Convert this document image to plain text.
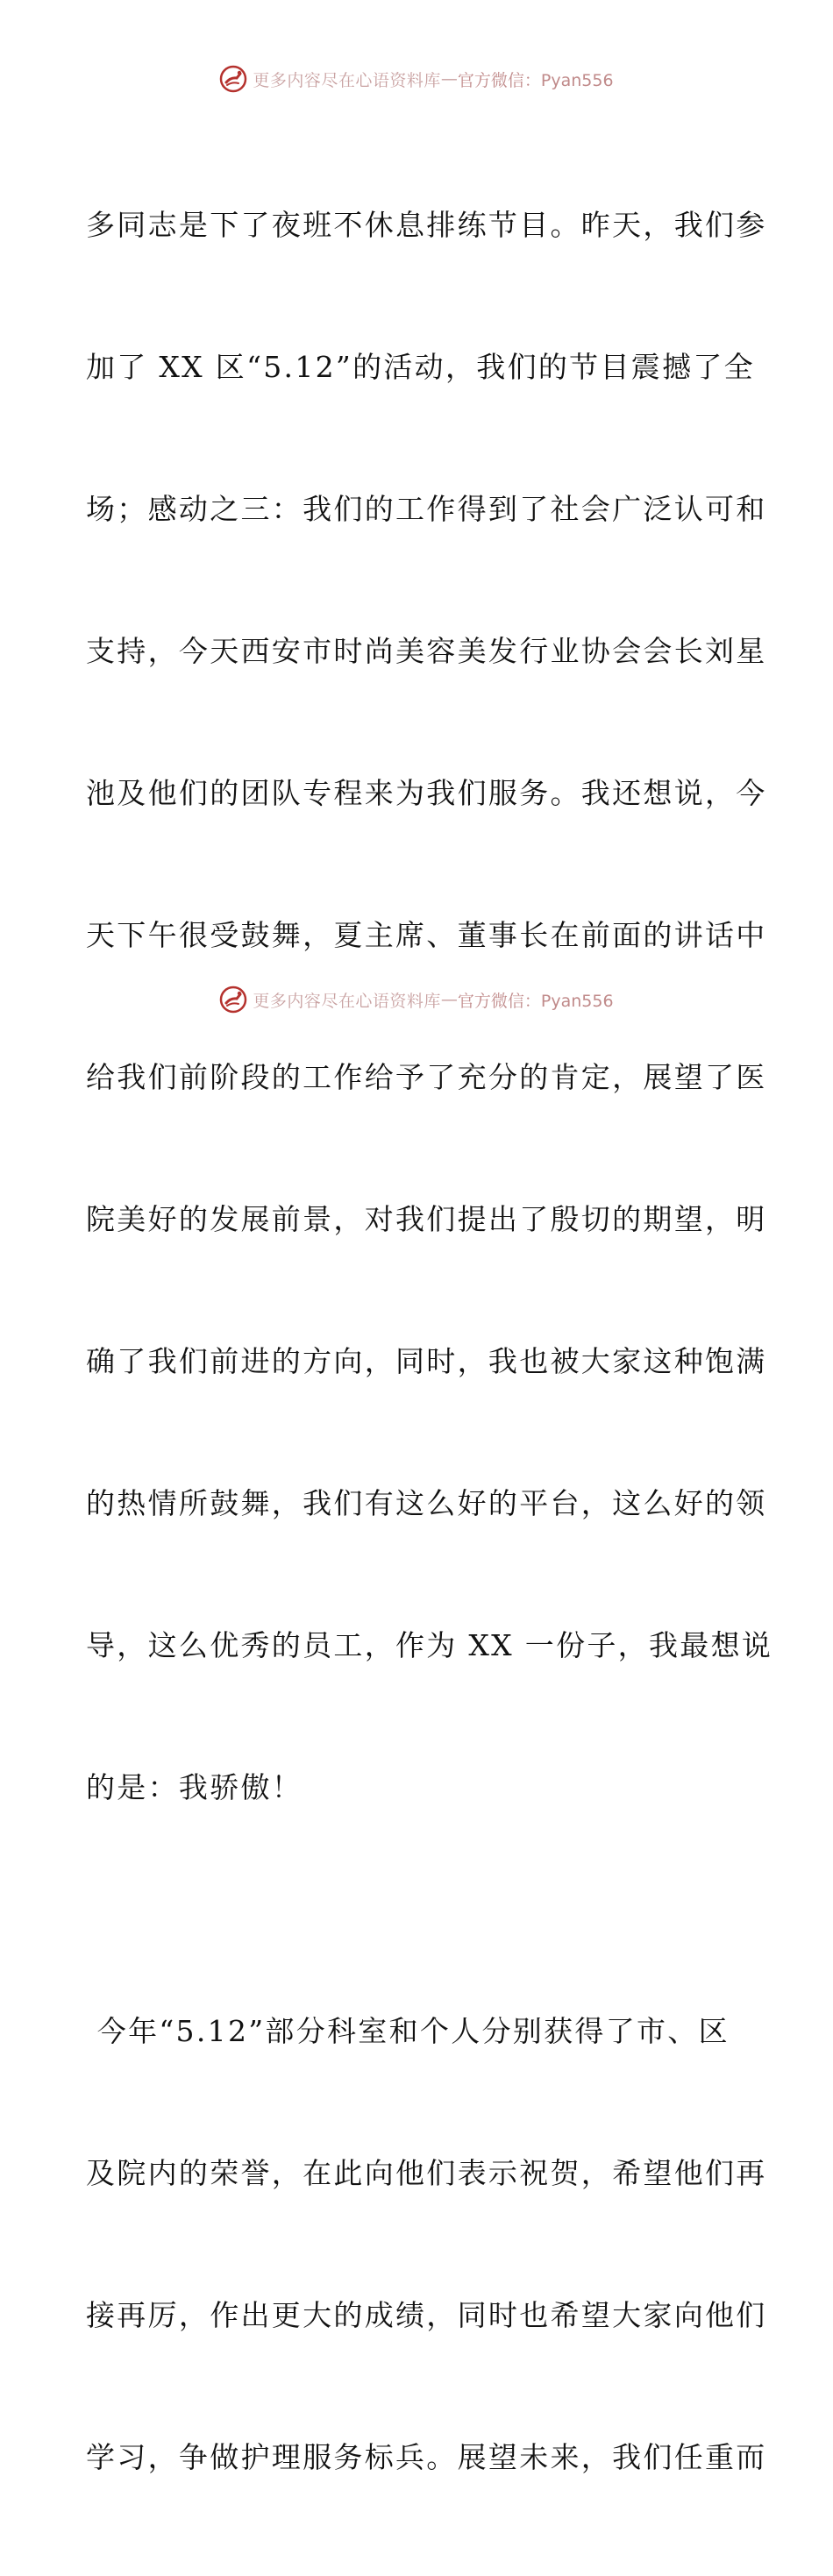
更多内容尽在心语资料库 — 官方微信：Pyan556

多同志是下了夜班不休息排练节目。昨天，我们参

加了 XX 区“5.12”的活动，我们的节目震撼了全

场；感动之三：我们的工作得到了社会广泛认可和

支持，今天西安市时尚美容美发行业协会会长刘星

池及他们的团队专程来为我们服务。我还想说，今

天下午很受鼓舞，夏主席、董事长在前面的讲话中

给我们前阶段的工作给予了充分的肯定，展望了医

院美好的发展前景，对我们提出了殷切的期望，明

确了我们前进的方向，同时，我也被大家这种饱满

的热情所鼓舞，我们有这么好的平台，这么好的领

导，这么优秀的员工，作为 XX 一份子，我最想说

的是：我骄傲！

今年“5.12”部分科室和个人分别获得了市、区

及院内的荣誉，在此向他们表示祝贺，希望他们再

接再厉，作出更大的成绩，同时也希望大家向他们

学习，争做护理服务标兵。展望未来，我们任重而

更多内容尽在心语资料库 — 官方微信：Pyan556
